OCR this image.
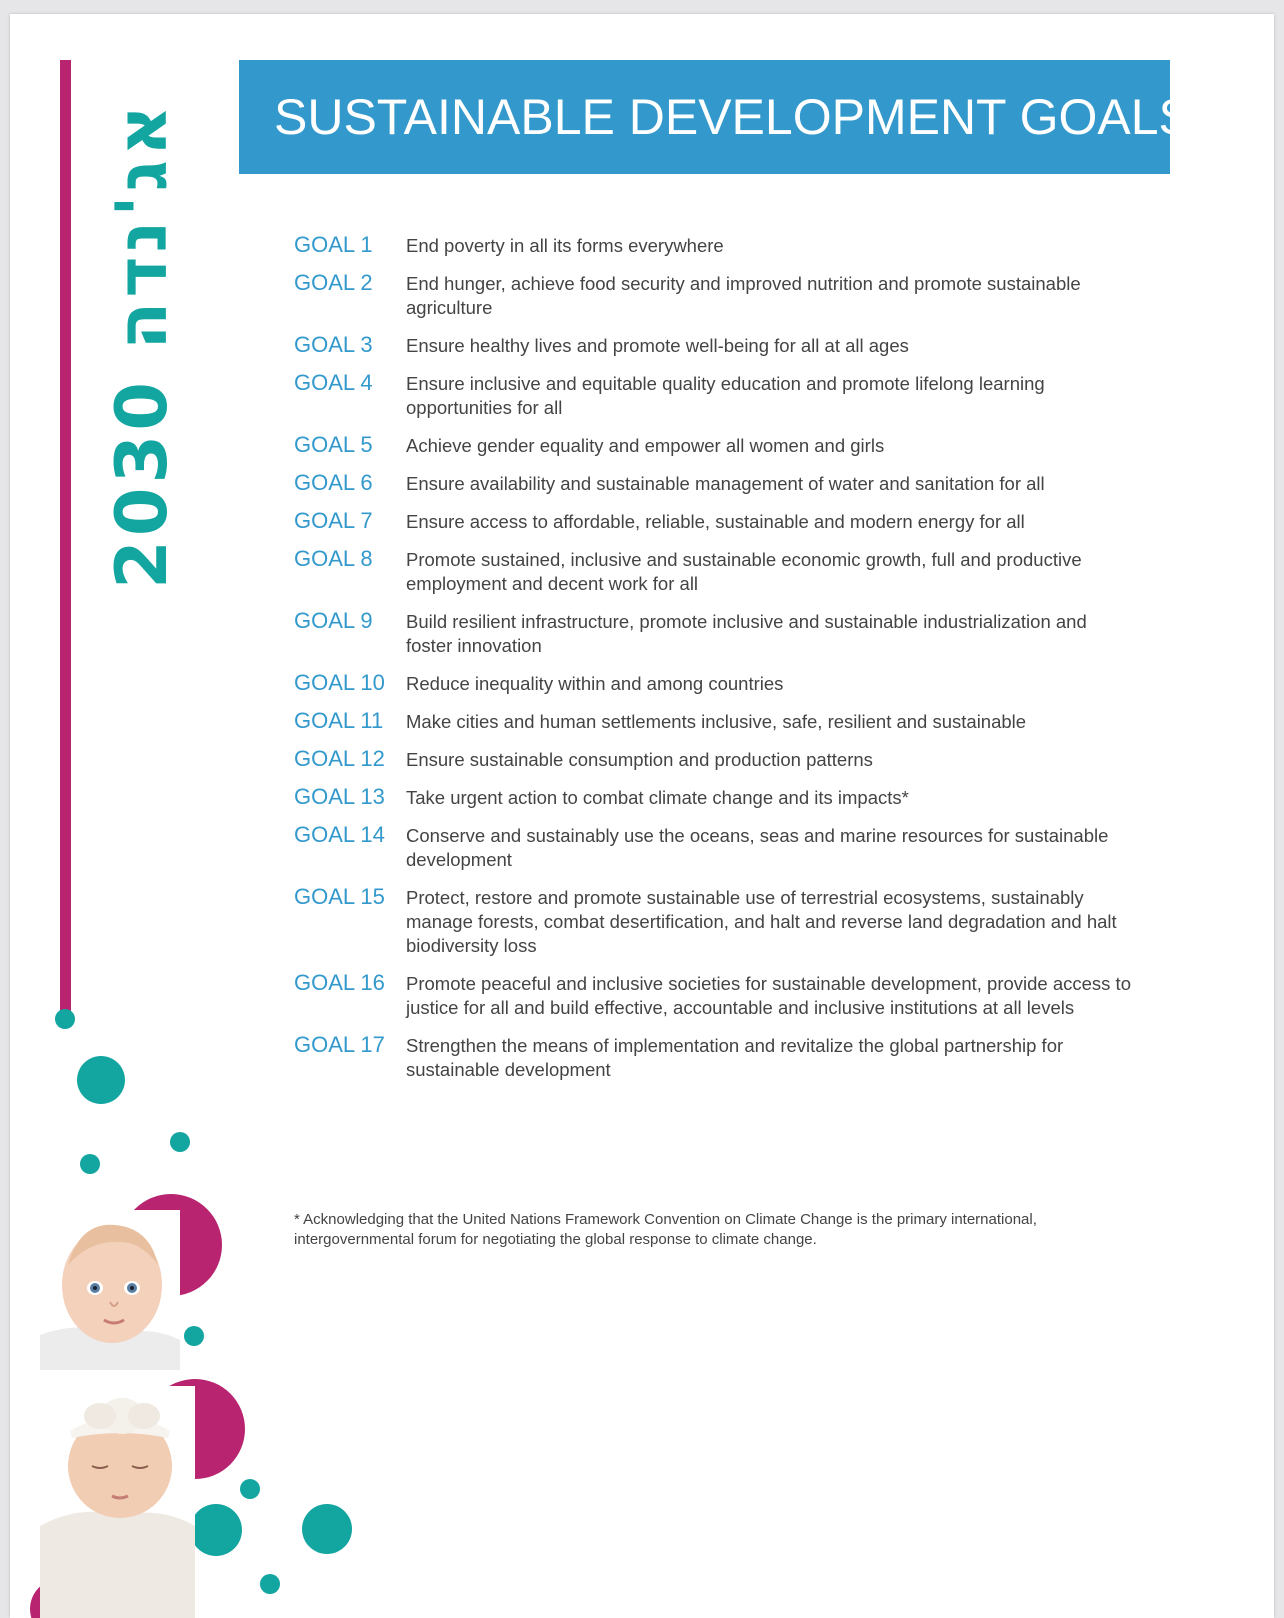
2030 אג'נדה SUSTAINABLE DEVELOPMENT GOALS
GOAL 1	End poverty in all its forms everywhere
GOAL 2	End hunger, achieve food security and improved nutrition and promote sustainable agriculture
GOAL 3	Ensure healthy lives and promote well-being for all at all ages
GOAL 4	Ensure inclusive and equitable quality education and promote lifelong learning opportunities for all
GOAL 5	Achieve gender equality and empower all women and girls
GOAL 6	Ensure availability and sustainable management of water and sanitation for all
GOAL 7	Ensure access to affordable, reliable, sustainable and modern energy for all
GOAL 8	Promote sustained, inclusive and sustainable economic growth, full and productive employment and decent work for all
GOAL 9	Build resilient infrastructure, promote inclusive and sustainable industrialization and foster innovation
GOAL 10	Reduce inequality within and among countries
GOAL 11	Make cities and human settlements inclusive, safe, resilient and sustainable
GOAL 12	Ensure sustainable consumption and production patterns
GOAL 13	Take urgent action to combat climate change and its impacts*
GOAL 14	Conserve and sustainably use the oceans, seas and marine resources for sustainable development
GOAL 15	Protect, restore and promote sustainable use of terrestrial ecosystems, sustainably manage forests, combat desertification, and halt and reverse land degradation and halt biodiversity loss
GOAL 16	Promote peaceful and inclusive societies for sustainable development, provide access to justice for all and build effective, accountable and inclusive institutions at all levels
GOAL 17	Strengthen the means of implementation and revitalize the global partnership for sustainable development
* Acknowledging that the United Nations Framework Convention on Climate Change is the primary international, intergovernmental forum for negotiating the global response to climate change.
